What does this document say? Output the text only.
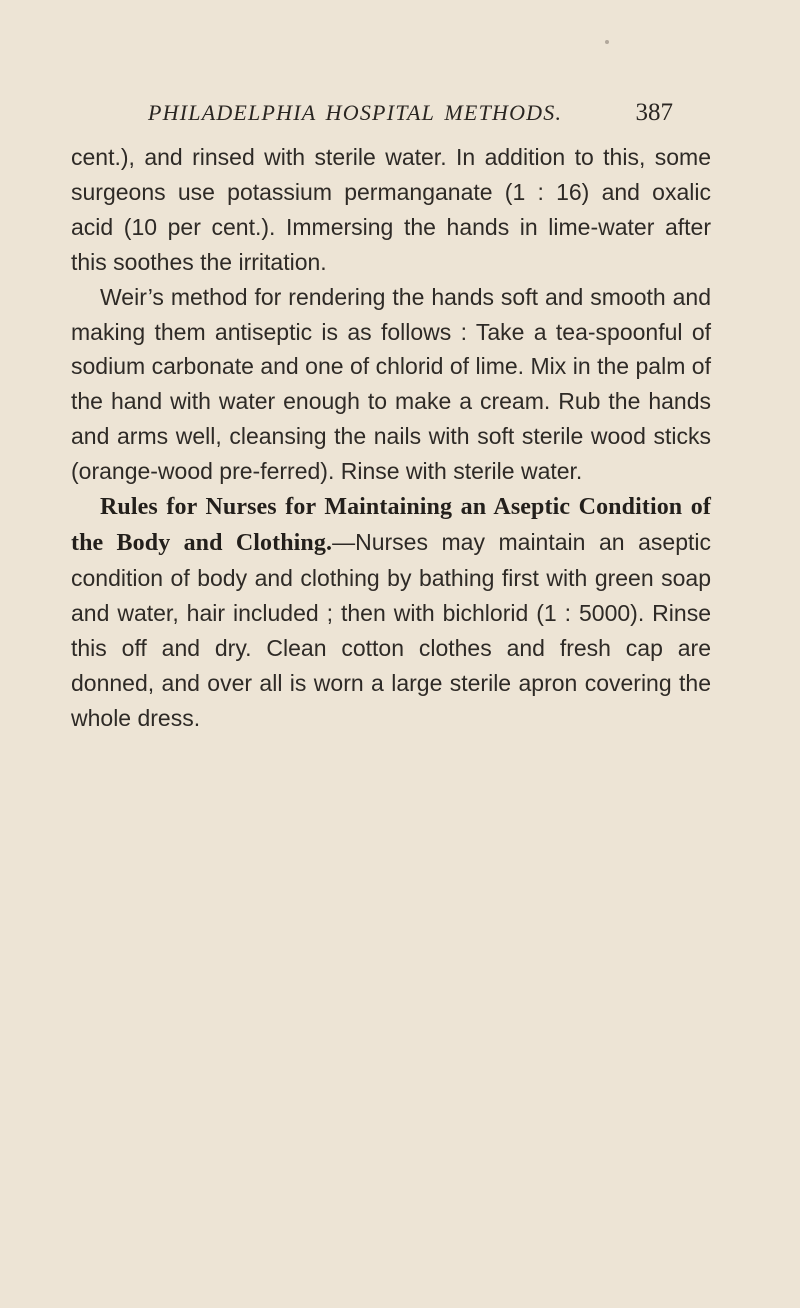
PHILADELPHIA HOSPITAL METHODS.	387

cent.), and rinsed with sterile water. In addition to this, some surgeons use potassium permanganate (1 : 16) and oxalic acid (10 per cent.). Immersing the hands in lime-water after this soothes the irritation.

Weir’s method for rendering the hands soft and smooth and making them antiseptic is as follows : Take a tea-spoonful of sodium carbonate and one of chlorid of lime. Mix in the palm of the hand with water enough to make a cream. Rub the hands and arms well, cleansing the nails with soft sterile wood sticks (orange-wood pre-ferred). Rinse with sterile water.

Rules for Nurses for Maintaining an Aseptic Condition of the Body and Clothing.—Nurses may maintain an aseptic condition of body and clothing by bathing first with green soap and water, hair included ; then with bichlorid (1 : 5000). Rinse this off and dry. Clean cotton clothes and fresh cap are donned, and over all is worn a large sterile apron covering the whole dress.
